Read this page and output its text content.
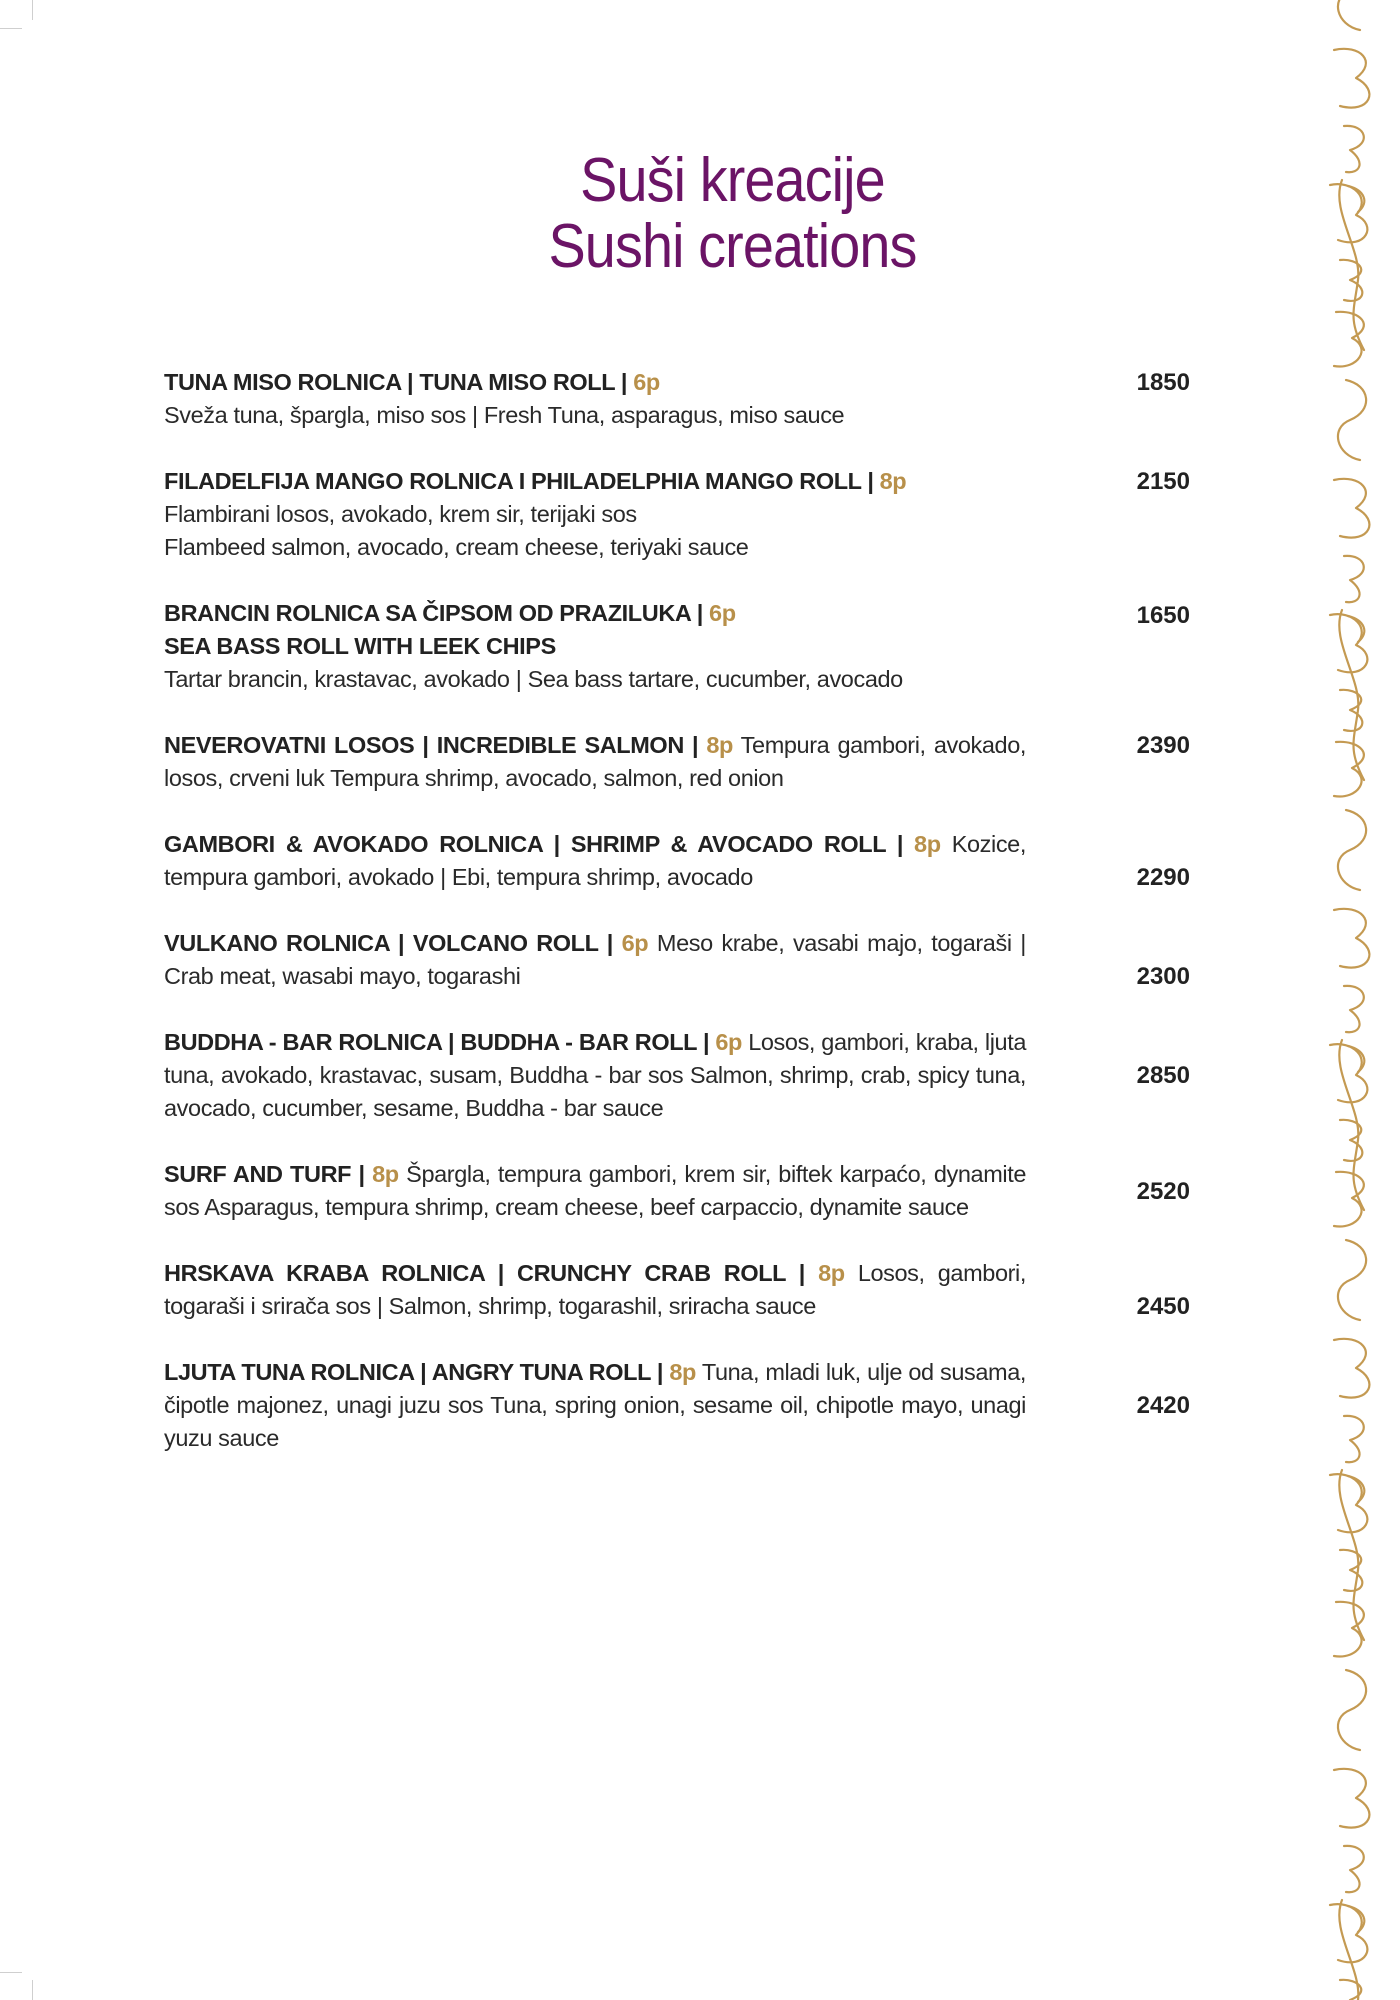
Suši kreacije
Sushi creations
TUNA MISO ROLNICA | TUNA MISO ROLL | 6p
Sveža tuna, špargla, miso sos | Fresh Tuna, asparagus, miso sauce
1850
FILADELFIJA MANGO ROLNICA I PHILADELPHIA MANGO ROLL | 8p
Flambirani losos, avokado, krem sir, terijaki sos
Flambeed salmon, avocado, cream cheese, teriyaki sauce
2150
BRANCIN ROLNICA SA ČIPSOM OD PRAZILUKA | 6p
SEA BASS ROLL WITH LEEK CHIPS
Tartar brancin, krastavac, avokado | Sea bass tartare, cucumber, avocado
1650
NEVEROVATNI LOSOS | INCREDIBLE SALMON | 8p Tempura gambori, avokado, losos, crveni luk Tempura shrimp, avocado, salmon, red onion
2390
GAMBORI & AVOKADO ROLNICA | SHRIMP & AVOCADO ROLL | 8p Kozice, tempura gambori, avokado | Ebi, tempura shrimp, avocado	2290
VULKANO ROLNICA | VOLCANO ROLL | 6p Meso krabe, vasabi majo, togaraši | Crab meat, wasabi mayo, togarashi	2300
BUDDHA - BAR ROLNICA | BUDDHA - BAR ROLL | 6p Losos, gambori, kraba, ljuta tuna, avokado, krastavac, susam, Buddha - bar sos Salmon, shrimp, crab, spicy tuna, avocado, cucumber, sesame, Buddha - bar sauce
2850
SURF AND TURF | 8p Špargla, tempura gambori, krem sir, biftek karpaćo, dynamite sos Asparagus, tempura shrimp, cream cheese, beef carpaccio, dynamite sauce
2520
HRSKAVA KRABA ROLNICA | CRUNCHY CRAB ROLL | 8p Losos, gambori, togaraši i sriračа sos | Salmon, shrimp, togarashil, sriracha sauce	2450
LJUTA TUNA ROLNICA | ANGRY TUNA ROLL | 8p Tuna, mladi luk, ulje od susama, čipotle majonez, unagi juzu sos Tuna, spring onion, sesame oil, chipotle mayo, unagi yuzu sauce
2420
